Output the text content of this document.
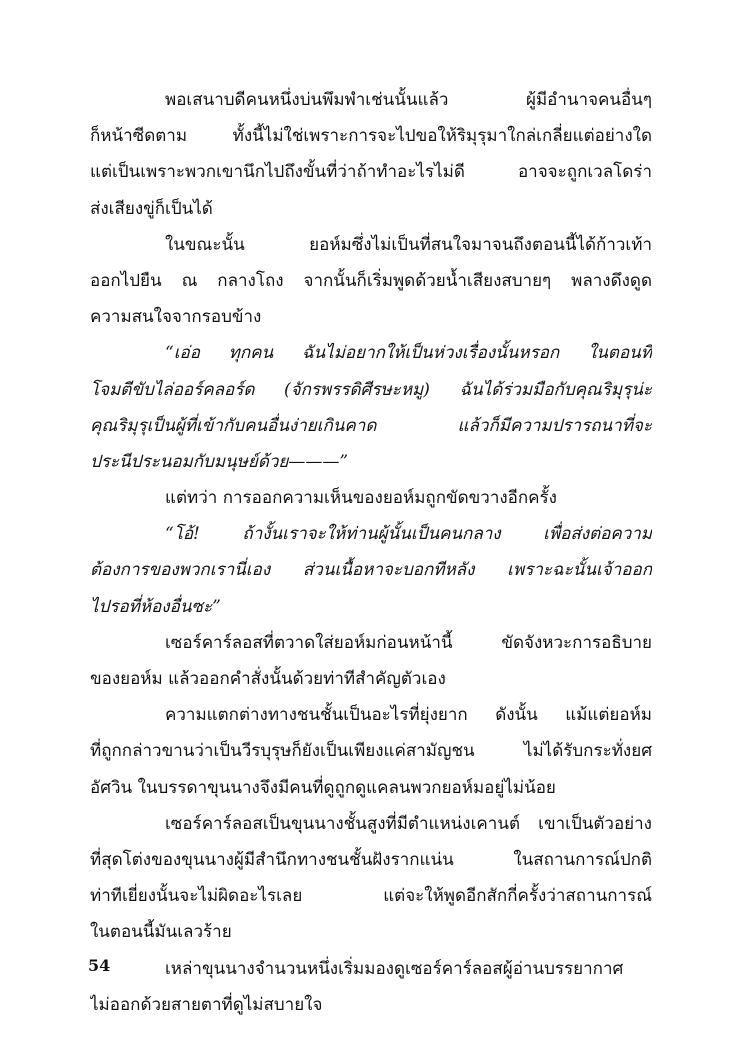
พอเสนาบดีคนหนึ่งบ่นพึมพำเช่นนั้นแล้ว ผู้มีอำนาจคนอื่นๆ
ก็หน้าซีดตาม ทั้งนี้ไม่ใช่เพราะการจะไปขอให้ริมุรุมาใกล่เกลี่ยแต่อย่างใด
แต่เป็นเพราะพวกเขานึกไปถึงขั้นที่ว่าถ้าทำอะไรไม่ดี อาจจะถูกเวลโดร่า
ส่งเสียงขู่ก็เป็นได้
ในขณะนั้น ยอห์มซึ่งไม่เป็นที่สนใจมาจนถึงตอนนี้ได้ก้าวเท้า
ออกไปยืน ณ กลางโถง จากนั้นก็เริ่มพูดด้วยน้ำเสียงสบายๆ พลางดึงดูด
ความสนใจจากรอบข้าง
“เอ่อ ทุกคน ฉันไม่อยากให้เป็นห่วงเรื่องนั้นหรอก ในตอนที่
โจมตีขับไล่ออร์คลอร์ด (จักรพรรดิศีรษะหมู) ฉันได้ร่วมมือกับคุณริมุรุน่ะ
คุณริมุรุเป็นผู้ที่เข้ากับคนอื่นง่ายเกินคาด แล้วก็มีความปรารถนาที่จะ
ประนีประนอมกับมนุษย์ด้วย———”
แต่ทว่า การออกความเห็นของยอห์มถูกขัดขวางอีกครั้ง
“โอ้! ถ้างั้นเราจะให้ท่านผู้นั้นเป็นคนกลาง เพื่อส่งต่อความ
ต้องการของพวกเรานี่เอง ส่วนเนื้อหาจะบอกทีหลัง เพราะฉะนั้นเจ้าออก
ไปรอที่ห้องอื่นซะ”
เซอร์คาร์ลอสที่ตวาดใส่ยอห์มก่อนหน้านี้ ขัดจังหวะการอธิบาย
ของยอห์ม แล้วออกคำสั่งนั้นด้วยท่าทีสำคัญตัวเอง
ความแตกต่างทางชนชั้นเป็นอะไรที่ยุ่งยาก ดังนั้น แม้แต่ยอห์ม
ที่ถูกกล่าวขานว่าเป็นวีรบุรุษก็ยังเป็นเพียงแค่สามัญชน ไม่ได้รับกระทั่งยศ
อัศวิน ในบรรดาขุนนางจึงมีคนที่ดูถูกดูแคลนพวกยอห์มอยู่ไม่น้อย
เซอร์คาร์ลอสเป็นขุนนางชั้นสูงที่มีตำแหน่งเคานต์ เขาเป็นตัวอย่าง
ที่สุดโต่งของขุนนางผู้มีสำนึกทางชนชั้นฝังรากแน่น ในสถานการณ์ปกติ
ท่าทีเยี่ยงนั้นจะไม่ผิดอะไรเลย แต่จะให้พูดอีกสักกี่ครั้งว่าสถานการณ์
ในตอนนี้มันเลวร้าย
เหล่าขุนนางจำนวนหนึ่งเริ่มมองดูเซอร์คาร์ลอสผู้อ่านบรรยากาศ
ไม่ออกด้วยสายตาที่ดูไม่สบายใจ
54
